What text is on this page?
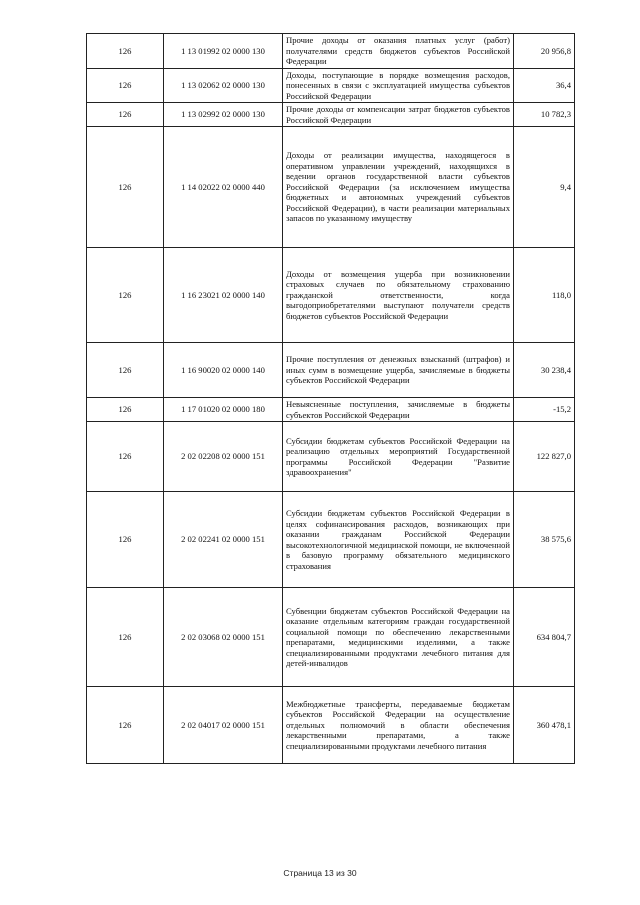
126	1 13 01992 02 0000 130	Прочие доходы от оказания платных услуг (работ) получателями средств бюджетов субъектов Российской Федерации	20 956,8
126	1 13 02062 02 0000 130	Доходы, поступающие в порядке возмещения расходов, понесенных в связи с эксплуатацией имущества субъектов Российской Федерации	36,4
126	1 13 02992 02 0000 130	Прочие доходы от компенсации затрат бюджетов субъектов Российской Федерации	10 782,3
126	1 14 02022 02 0000 440	Доходы от реализации имущества, находящегося в оперативном управлении учреждений, находящихся в ведении органов государственной власти субъектов Российской Федерации (за исключением имущества бюджетных и автономных учреждений субъектов Российской Федерации), в части реализации материальных запасов по указанному имуществу	9,4
126	1 16 23021 02 0000 140	Доходы от возмещения ущерба при возникновении страховых случаев по обязательному страхованию гражданской ответственности, когда выгодоприобретателями выступают получатели средств бюджетов субъектов Российской Федерации	118,0
126	1 16 90020 02 0000 140	Прочие поступления от денежных взысканий (штрафов) и иных сумм в возмещение ущерба, зачисляемые в бюджеты субъектов Российской Федерации	30 238,4
126	1 17 01020 02 0000 180	Невыясненные поступления, зачисляемые в бюджеты субъектов Российской Федерации	-15,2
126	2 02 02208 02 0000 151	Субсидии бюджетам субъектов Российской Федерации на реализацию отдельных мероприятий Государственной программы Российской Федерации "Развитие здравоохранения"	122 827,0
126	2 02 02241 02 0000 151	Субсидии бюджетам субъектов Российской Федерации в целях софинансирования расходов, возникающих при оказании гражданам Российской Федерации высокотехнологичной медицинской помощи, не включенной в базовую программу обязательного медицинского страхования	38 575,6
126	2 02 03068 02 0000 151	Субвенции бюджетам субъектов Российской Федерации на оказание отдельным категориям граждан государственной социальной помощи по обеспечению лекарственными препаратами, медицинскими изделиями, а также специализированными продуктами лечебного питания для детей-инвалидов	634 804,7
126	2 02 04017 02 0000 151	Межбюджетные трансферты, передаваемые бюджетам субъектов Российской Федерации на осуществление отдельных полномочий в области обеспечения лекарственными препаратами, а также специализированными продуктами лечебного питания	360 478,1
Страница 13 из 30
